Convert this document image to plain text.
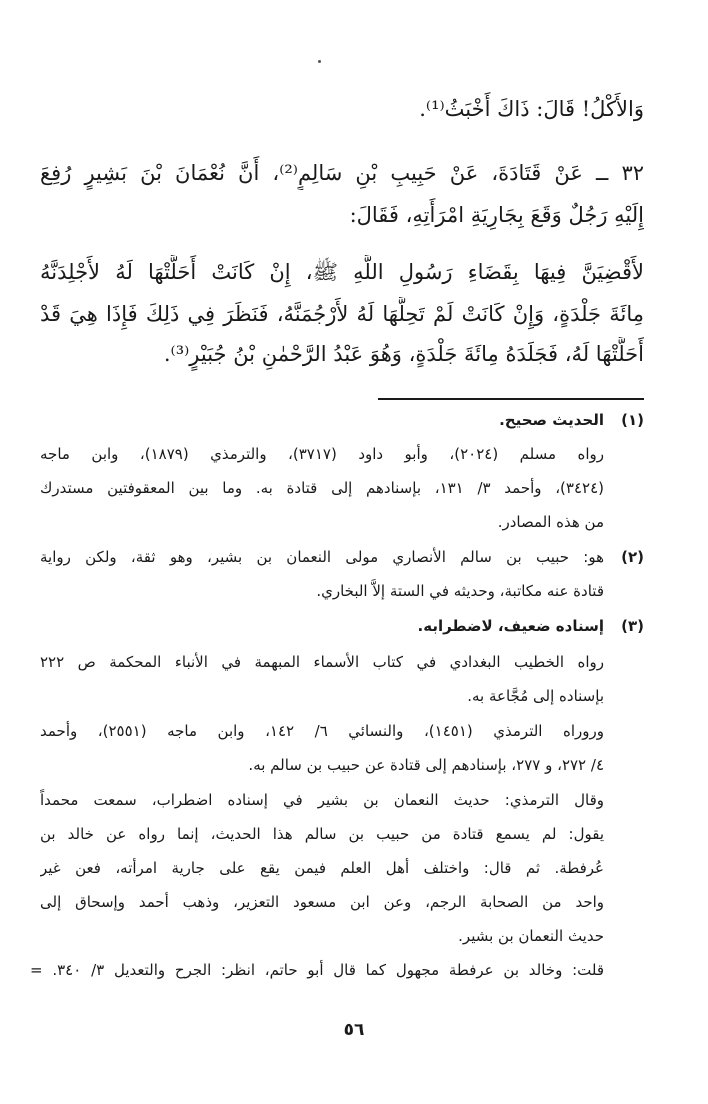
وَالأَكْلُ! قَالَ: ذَاكَ أَخْبَثُ⁽¹⁾.
٣٢ ــ عَنْ قَتَادَةَ، عَنْ حَبِيبِ بْنِ سَالِمٍ⁽²⁾، أَنَّ نُعْمَانَ بْنَ بَشِيرٍ رُفِعَ
إِلَيْهِ رَجُلٌ وَقَعَ بِجَارِيَةِ امْرَأَتِهِ، فَقَالَ:
لأَقْضِيَنَّ فِيهَا بِقَضَاءِ رَسُولِ اللَّهِ ﷺ، إِنْ كَانَتْ أَحَلَّتْهَا لَهُ لأَجْلِدَنَّهُ
مِائَةَ جَلْدَةٍ، وَإِنْ كَانَتْ لَمْ تَحِلَّهَا لَهُ لأَرْجُمَنَّهُ، فَنَظَرَ فِي ذَلِكَ فَإِذَا هِيَ قَدْ
أَحَلَّتْهَا لَهُ، فَجَلَدَهُ مِائَةَ جَلْدَةٍ، وَهُوَ عَبْدُ الرَّحْمٰنِ بْنُ جُبَيْرٍ⁽³⁾.
(١)
الحديث صحيح.
رواه مسلم (٢٠٢٤)، وأبو داود (٣٧١٧)، والترمذي (١٨٧٩)، وابن ماجه
(٣٤٢٤)، وأحمد ٣/ ١٣١، بإسنادهم إلى قتادة به. وما بين المعقوفتين مستدرك
من هذه المصادر.
(٢)
هو: حبيب بن سالم الأنصاري مولى النعمان بن بشير، وهو ثقة، ولكن رواية
قتادة عنه مكاتبة، وحديثه في الستة إلاَّ البخاري.
(٣)
إسناده ضعيف، لاضطرابه.
رواه الخطيب البغدادي في كتاب الأسماء المبهمة في الأنباء المحكمة ص ٢٢٢
بإسناده إلى مُجَّاعة به.
وروراه الترمذي (١٤٥١)، والنسائي ٦/ ١٤٢، وابن ماجه (٢٥٥١)، وأحمد
٤/ ٢٧٢، و ٢٧٧، بإسنادهم إلى قتادة عن حبيب بن سالم به.
وقال الترمذي: حديث النعمان بن بشير في إسناده اضطراب، سمعت محمداً
يقول: لم يسمع قتادة من حبيب بن سالم هذا الحديث، إنما رواه عن خالد بن
عُرفطة. ثم قال: واختلف أهل العلم فيمن يقع على جارية امرأته، فعن غير
واحد من الصحابة الرجم، وعن ابن مسعود التعزير، وذهب أحمد وإسحاق إلى
حديث النعمان بن بشير.
قلت: وخالد بن عرفطة مجهول كما قال أبو حاتم، انظر: الجرح والتعديل ٣/ ٣٤٠. =
٥٦
